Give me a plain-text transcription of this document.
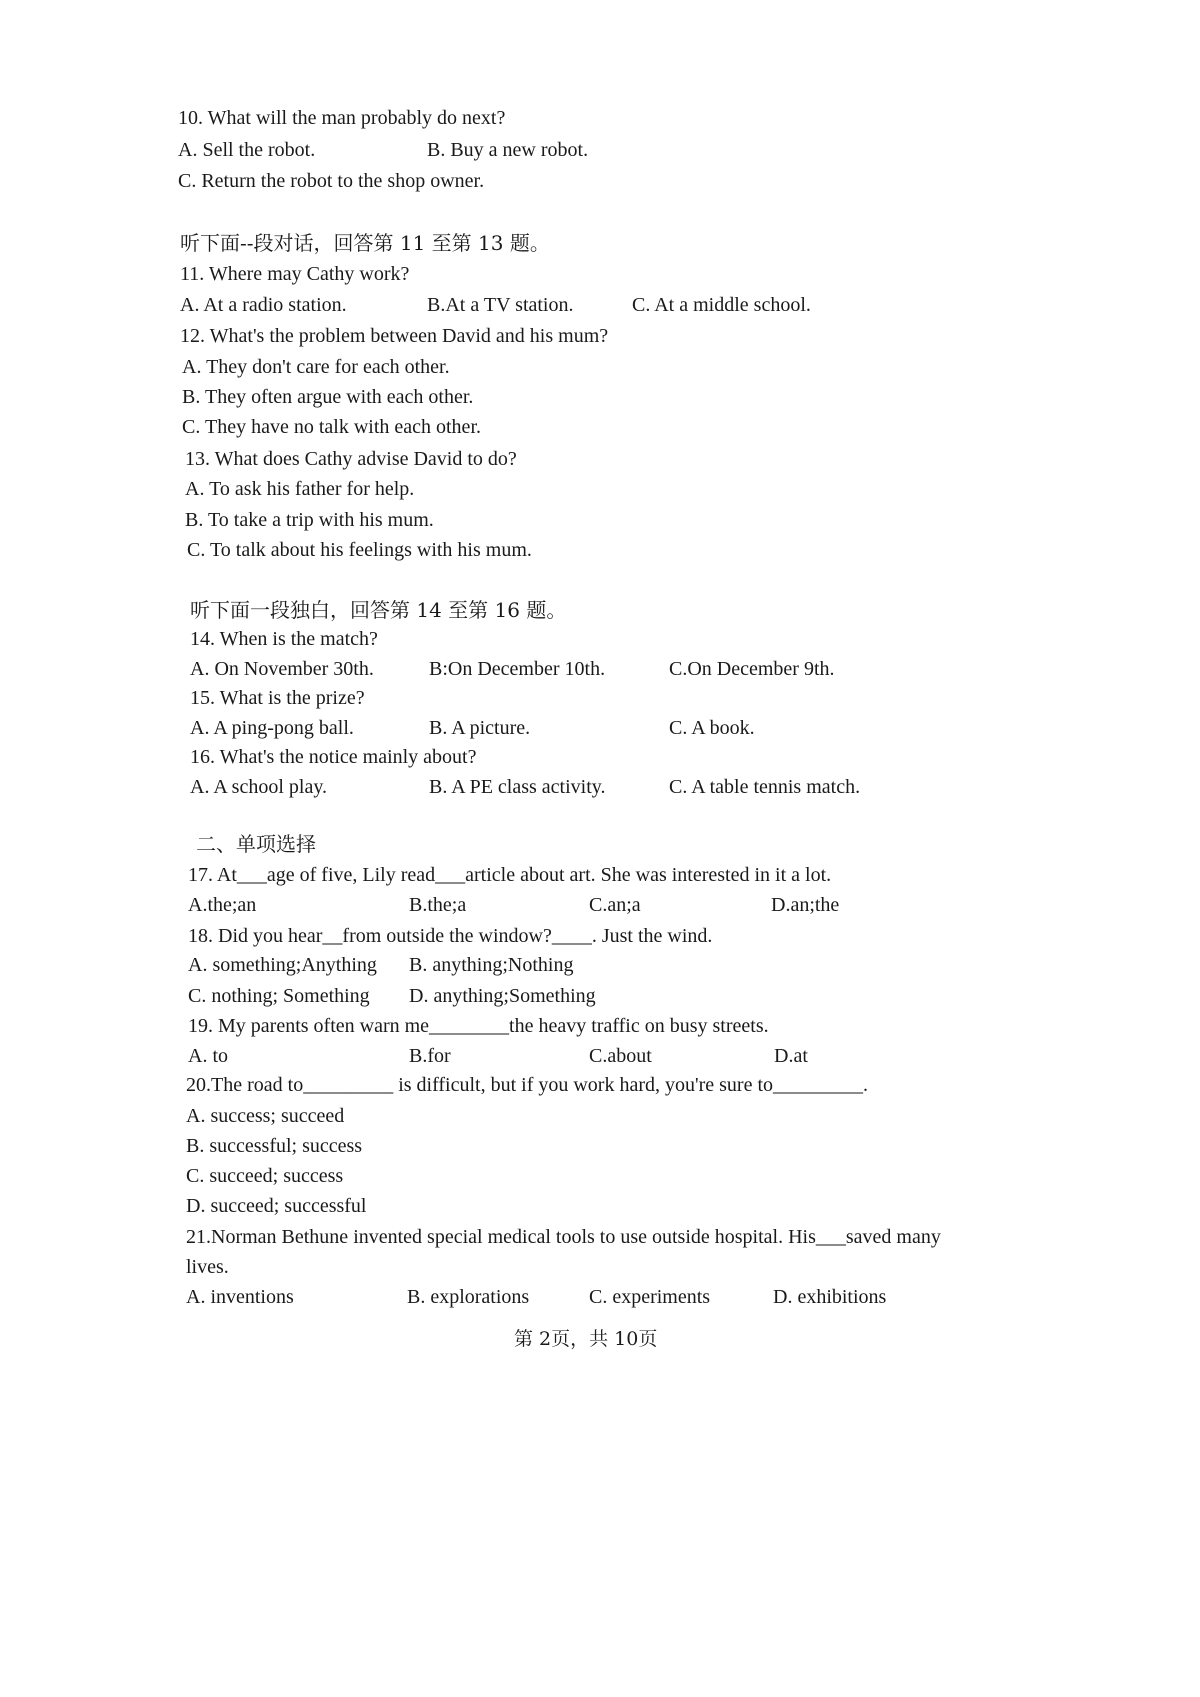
10. What will the man probably do next?
A. Sell the robot.	B. Buy a new robot.
C. Return the robot to the shop owner.
听下面--段对话，回答第 11 至第 13 题。
11. Where may Cathy work?
A. At a radio station.	B.At a TV station.	C. At a middle school.
12. What's the problem between David and his mum?
A. They don't care for each other.
B. They often argue with each other.
C. They have no talk with each other.
13. What does Cathy advise David to do?
A. To ask his father for help.
B. To take a trip with his mum.
C. To talk about his feelings with his mum.
听下面一段独白，回答第 14 至第 16 题。
14. When is the match?
A. On November 30th.	B:On December 10th.	C.On December 9th.
15. What is the prize?
A. A ping-pong ball.	B. A picture.	C. A book.
16. What's the notice mainly about?
A. A school play.	B. A PE class activity.	C. A table tennis match.
二、单项选择
17. At___age of five, Lily read___article about art. She was interested in it a lot.
A.the;an	B.the;a	C.an;a	D.an;the
18. Did you hear__from outside the window?____. Just the wind.
A. something;Anything B. anything;Nothing
C. nothing; Something D. anything;Something
19. My parents often warn me________the heavy traffic on busy streets.
A. to	B.for	C.about	D.at
20.The road to_________ is difficult, but if you work hard, you're sure to_________.
A. success; succeed
B. successful; success
C. succeed; success
D. succeed; successful
21.Norman Bethune invented special medical tools to use outside hospital. His___saved many
lives.
A. inventions	B. explorations	C. experiments	D. exhibitions
第 2页，共 10页
